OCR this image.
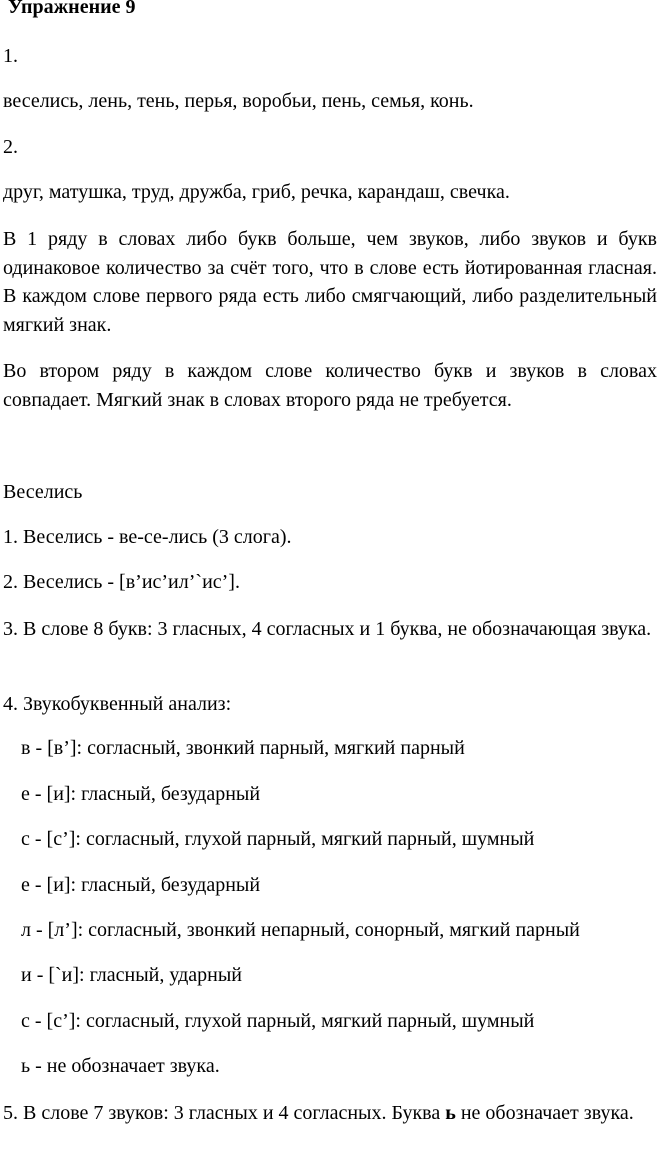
Упражнение 9

1.

веселись, лень, тень, перья, воробьи, пень, семья, конь.

2.

друг, матушка, труд, дружба, гриб, речка, карандаш, свечка.

В 1 ряду в словах либо букв больше, чем звуков, либо звуков и букв одинаковое количество за счёт того, что в слове есть йотированная гласная. В каждом слове первого ряда есть либо смягчающий, либо разделительный мягкий знак.

Во втором ряду в каждом слове количество букв и звуков в словах совпадает. Мягкий знак в словах второго ряда не требуется.

Веселись

1. Веселись - ве-се-лись (3 слога).

2. Веселись - [в’ис’ил’`ис’].

3. В слове 8 букв: 3 гласных, 4 согласных и 1 буква, не обозначающая звука.

4. Звукобуквенный анализ:

в - [в’]: согласный, звонкий парный, мягкий парный
е - [и]: гласный, безударный
с - [с’]: согласный, глухой парный, мягкий парный, шумный
е - [и]: гласный, безударный
л - [л’]: согласный, звонкий непарный, сонорный, мягкий парный
и - [`и]: гласный, ударный
с - [с’]: согласный, глухой парный, мягкий парный, шумный
ь - не обозначает звука.

5. В слове 7 звуков: 3 гласных и 4 согласных. Буква ь не обозначает звука.
